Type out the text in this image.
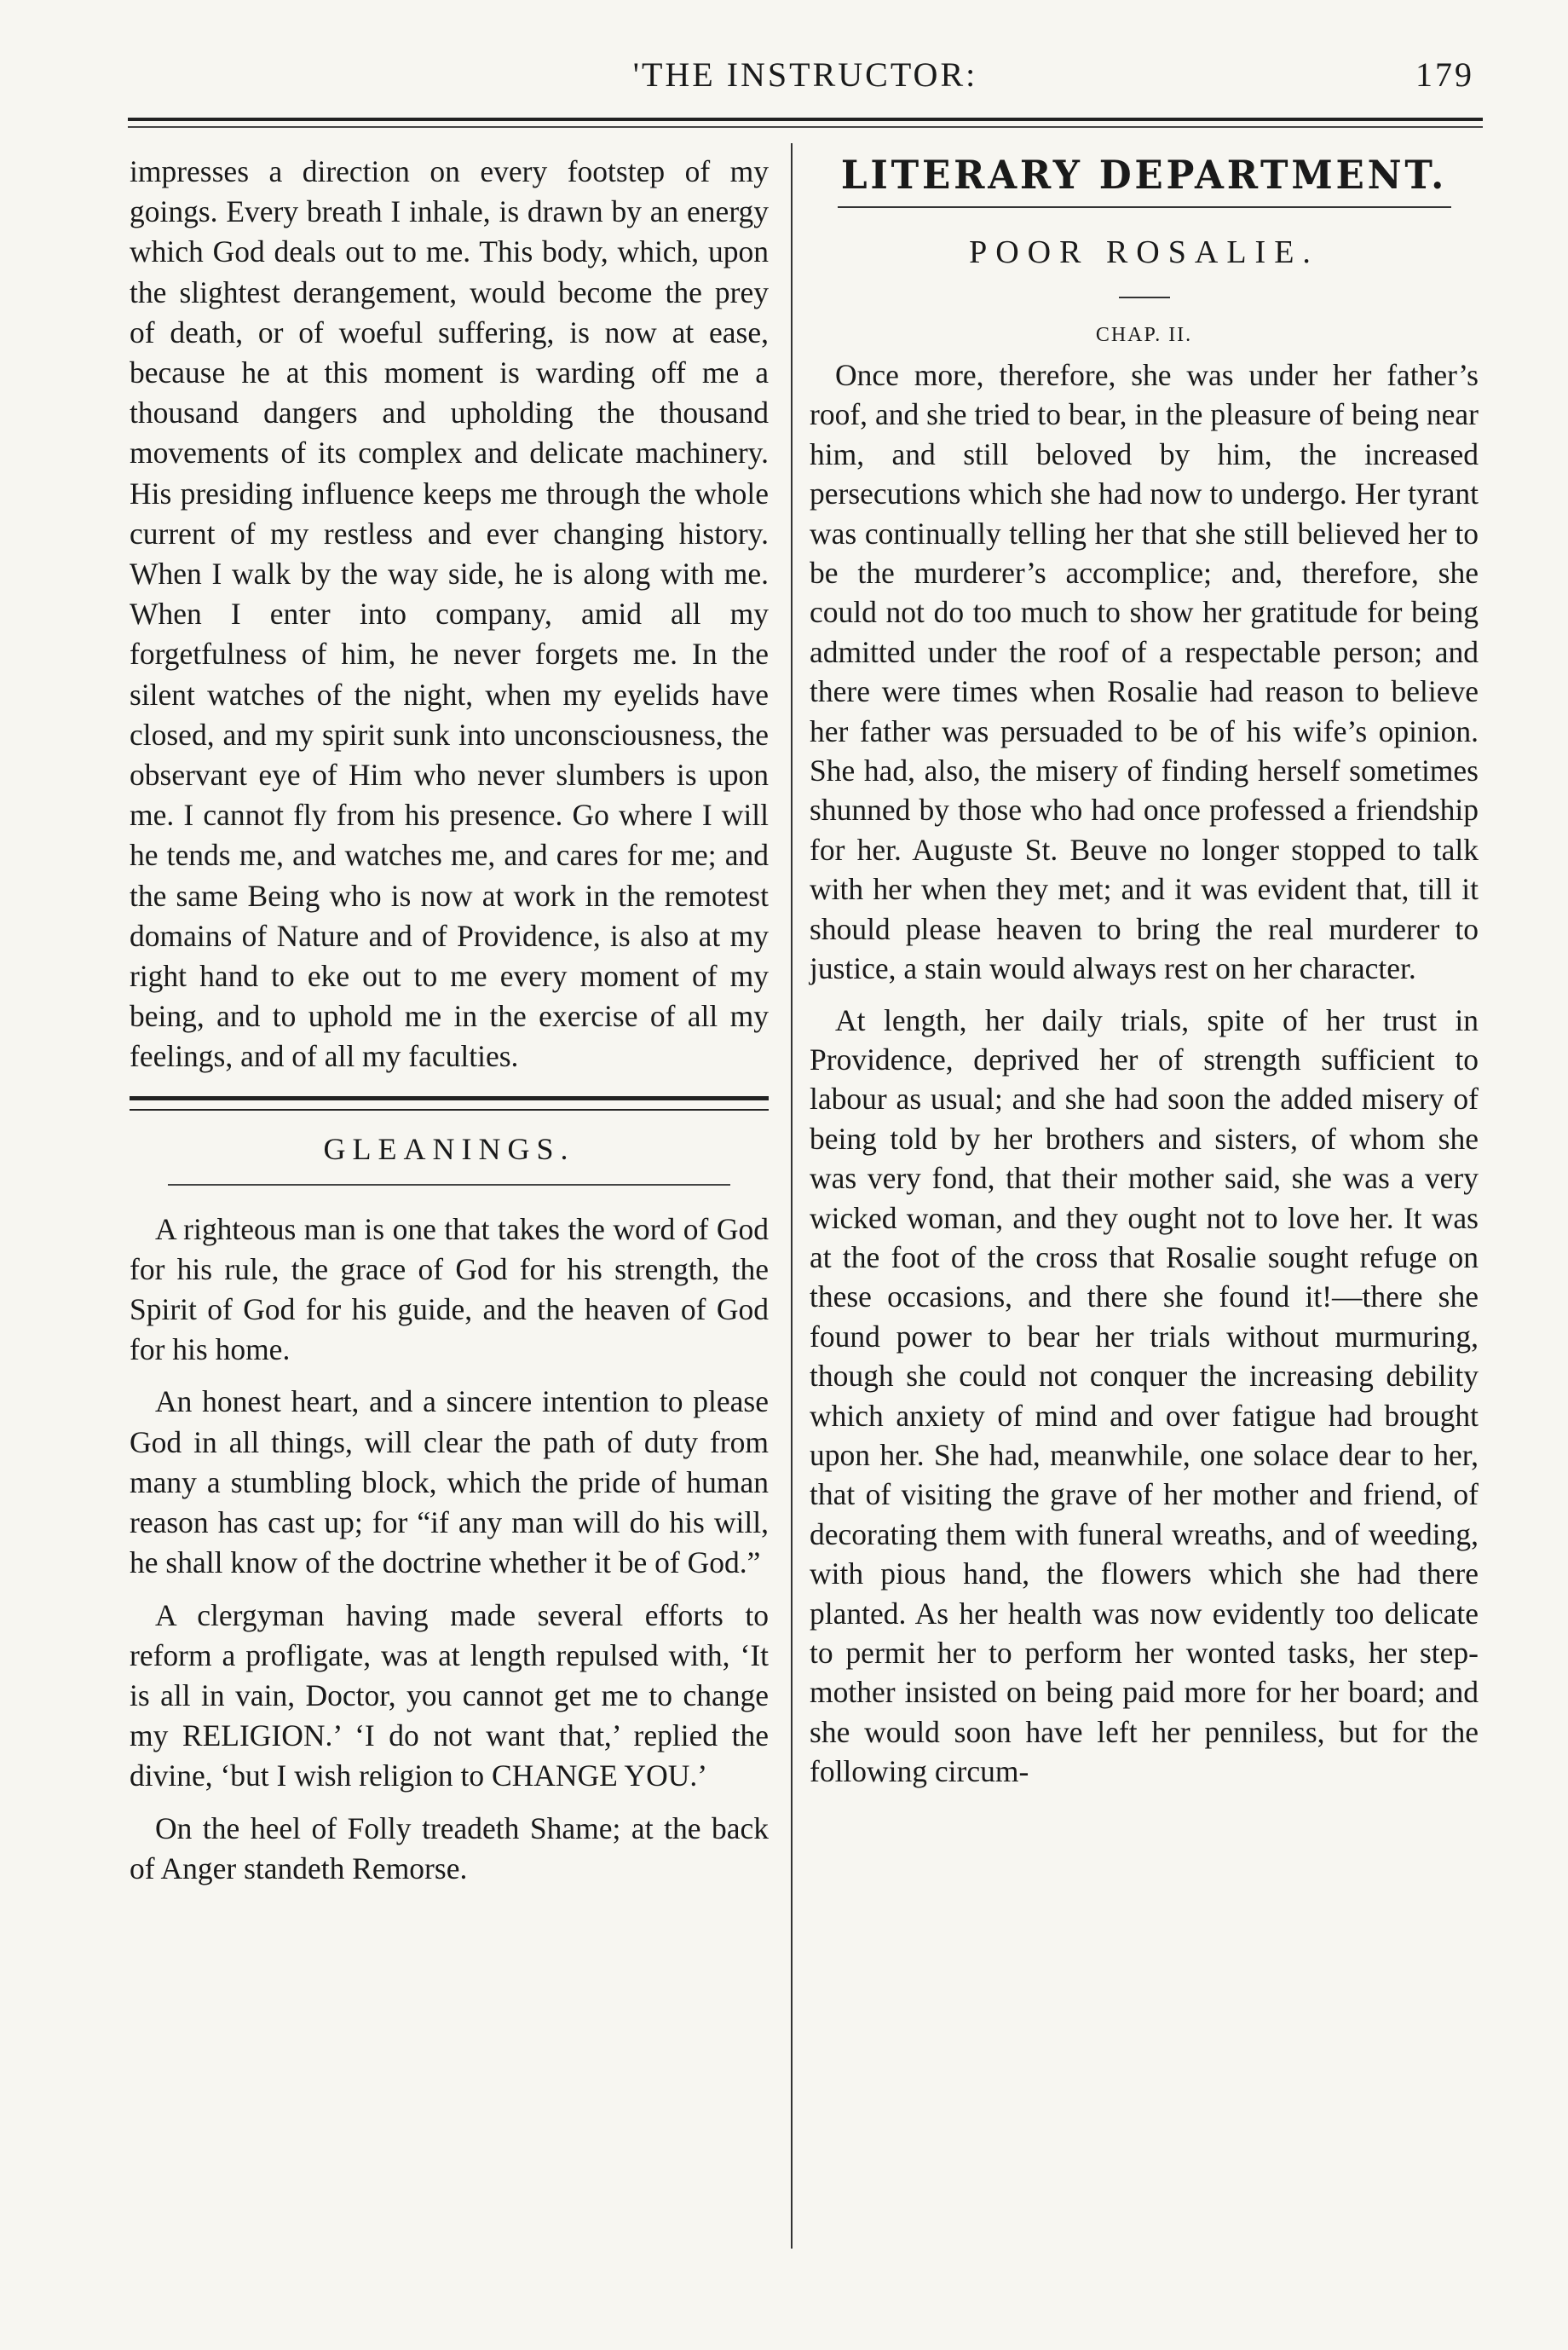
'THE INSTRUCTOR:	179

impresses a direction on every footstep of my goings. Every breath I inhale, is drawn by an energy which God deals out to me. This body, which, upon the slightest derangement, would become the prey of death, or of woeful suffering, is now at ease, because he at this moment is warding off me a thousand dangers and upholding the thousand movements of its complex and delicate machinery. His presiding influence keeps me through the whole current of my restless and ever changing history. When I walk by the way side, he is along with me. When I enter into company, amid all my forgetfulness of him, he never forgets me. In the silent watches of the night, when my eyelids have closed, and my spirit sunk into unconsciousness, the observant eye of Him who never slumbers is upon me. I cannot fly from his presence. Go where I will he tends me, and watches me, and cares for me; and the same Being who is now at work in the remotest domains of Nature and of Providence, is also at my right hand to eke out to me every moment of my being, and to uphold me in the exercise of all my feelings, and of all my faculties.

GLEANINGS.

A righteous man is one that takes the word of God for his rule, the grace of God for his strength, the Spirit of God for his guide, and the heaven of God for his home.

An honest heart, and a sincere intention to please God in all things, will clear the path of duty from many a stumbling block, which the pride of human reason has cast up; for “if any man will do his will, he shall know of the doctrine whether it be of God.”

A clergyman having made several efforts to reform a profligate, was at length repulsed with, ‘It is all in vain, Doctor, you cannot get me to change my RELIGION.’ ‘I do not want that,’ replied the divine, ‘but I wish religion to CHANGE YOU.’

On the heel of Folly treadeth Shame; at the back of Anger standeth Remorse.

LITERARY DEPARTMENT.
POOR ROSALIE.
CHAP. II.

Once more, therefore, she was under her father’s roof, and she tried to bear, in the pleasure of being near him, and still beloved by him, the increased persecutions which she had now to undergo. Her tyrant was continually telling her that she still believed her to be the murderer’s accomplice; and, therefore, she could not do too much to show her gratitude for being admitted under the roof of a respectable person; and there were times when Rosalie had reason to believe her father was persuaded to be of his wife’s opinion. She had, also, the misery of finding herself sometimes shunned by those who had once professed a friendship for her. Auguste St. Beuve no longer stopped to talk with her when they met; and it was evident that, till it should please heaven to bring the real murderer to justice, a stain would always rest on her character.

At length, her daily trials, spite of her trust in Providence, deprived her of strength sufficient to labour as usual; and she had soon the added misery of being told by her brothers and sisters, of whom she was very fond, that their mother said, she was a very wicked woman, and they ought not to love her. It was at the foot of the cross that Rosalie sought refuge on these occasions, and there she found it!—there she found power to bear her trials without murmuring, though she could not conquer the increasing debility which anxiety of mind and over fatigue had brought upon her. She had, meanwhile, one solace dear to her, that of visiting the grave of her mother and friend, of decorating them with funeral wreaths, and of weeding, with pious hand, the flowers which she had there planted. As her health was now evidently too delicate to permit her to perform her wonted tasks, her step-mother insisted on being paid more for her board; and she would soon have left her penniless, but for the following circum-
